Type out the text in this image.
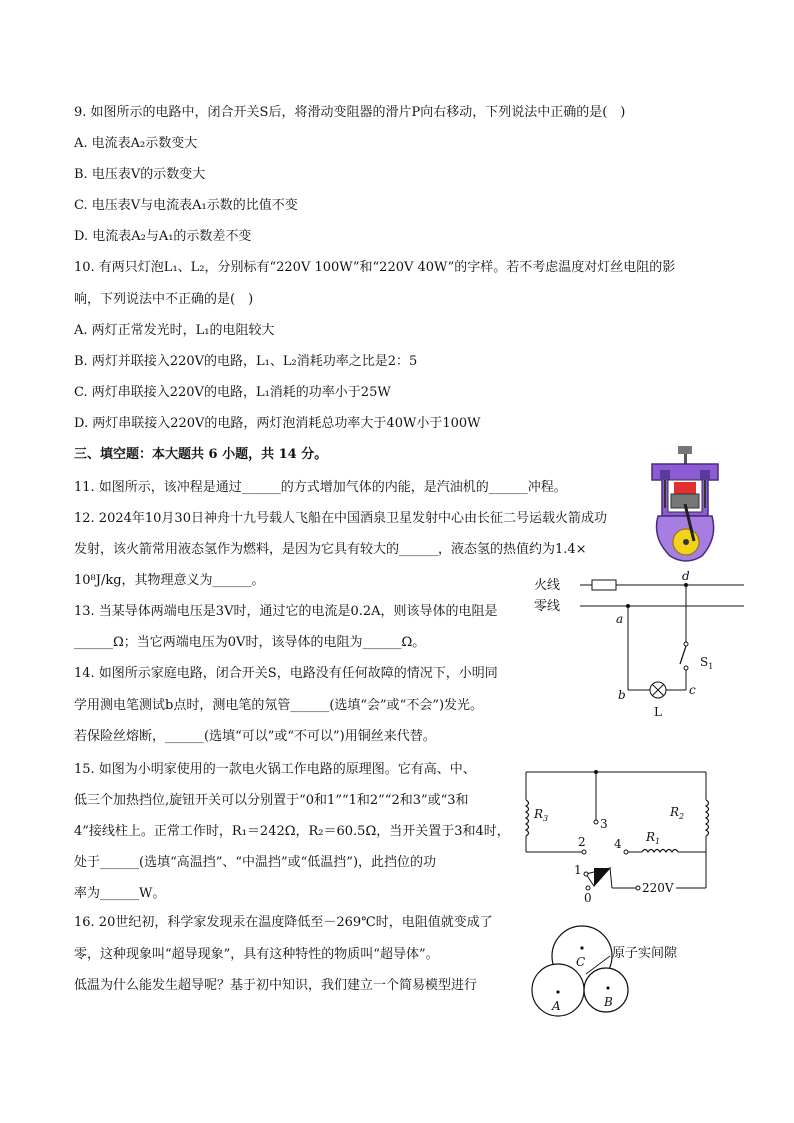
9. 如图所示的电路中，闭合开关S后，将滑动变阻器的滑片P向右移动，下列说法中正确的是(　)
A. 电流表A₂示数变大
B. 电压表V的示数变大
C. 电压表V与电流表A₁示数的比值不变
D. 电流表A₂与A₁的示数差不变
10. 有两只灯泡L₁、L₂，分别标有“220V 100W”和“220V 40W”的字样。若不考虑温度对灯丝电阻的影
响，下列说法中不正确的是(　)
A. 两灯正常发光时，L₁的电阻较大
B. 两灯并联接入220V的电路，L₁、L₂消耗功率之比是2：5
C. 两灯串联接入220V的电路，L₁消耗的功率小于25W
D. 两灯串联接入220V的电路，两灯泡消耗总功率大于40W小于100W
三、填空题：本大题共 6 小题，共 14 分。
11. 如图所示，该冲程是通过______的方式增加气体的内能，是汽油机的______冲程。
12. 2024年10月30日神舟十九号载人飞船在中国酒泉卫星发射中心由长征二号运载火箭成功
发射，该火箭常用液态氢作为燃料，是因为它具有较大的______，液态氢的热值约为1.4×
10⁸J/kg，其物理意义为______。
13. 当某导体两端电压是3V时，通过它的电流是0.2A，则该导体的电阻是
______Ω；当它两端电压为0V时，该导体的电阻为______Ω。
14. 如图所示家庭电路，闭合开关S，电路没有任何故障的情况下，小明同
学用测电笔测试b点时，测电笔的氖管______(选填“会”或“不会”)发光。
若保险丝熔断，______(选填“可以”或“不可以”)用铜丝来代替。
15. 如图为小明家使用的一款电火锅工作电路的原理图。它有高、中、
低三个加热挡位,旋钮开关可以分别置于“0和1”“1和2”“2和3”或“3和
4”接线柱上。正常工作时，R₁＝242Ω，R₂＝60.5Ω，当开关置于3和4时，
处于______(选填“高温挡”、“中温挡”或“低温挡”)，此挡位的功
率为______W。
16. 20世纪初，科学家发现汞在温度降低至－269℃时，电阻值就变成了
零，这种现象叫“超导现象”，具有这种特性的物质叫“超导体”。
低温为什么能发生超导呢？基于初中知识，我们建立一个简易模型进行
火线
零线
d
$S_1$
a
b	c
L
$R_3$	3
2
$R_2$
4 $R_1$
1
0
220V
C
A	B
原子实间隙
